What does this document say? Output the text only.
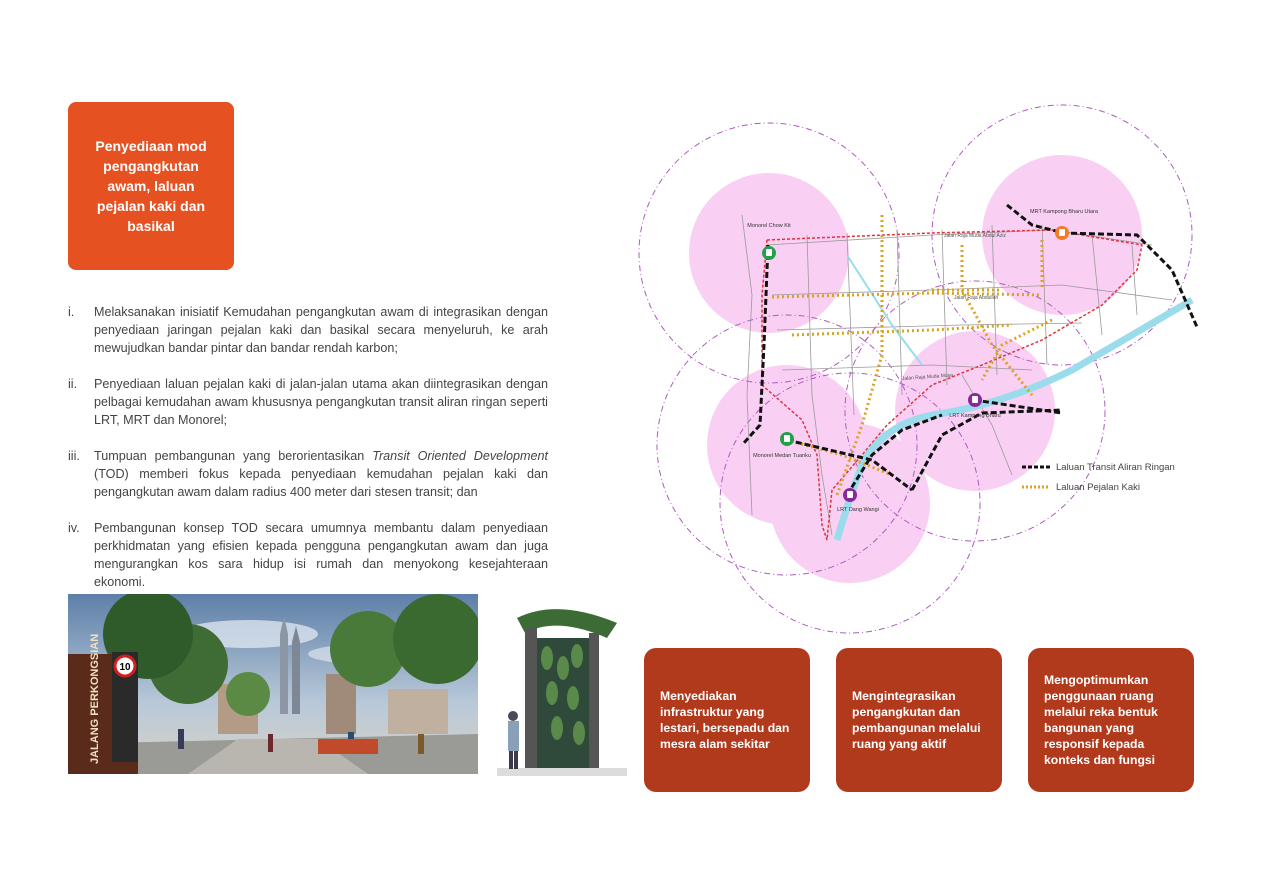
Penyediaan mod pengangkutan awam, laluan pejalan kaki dan basikal
i.	Melaksanakan inisiatif Kemudahan pengangkutan awam di integrasikan dengan penyediaan jaringan pejalan kaki dan basikal secara menyeluruh, ke arah mewujudkan bandar pintar dan bandar rendah karbon;
ii.	Penyediaan laluan pejalan kaki di jalan-jalan utama akan diintegrasikan dengan pelbagai kemudahan awam khususnya pengangkutan transit aliran ringan seperti LRT, MRT dan Monorel;
iii.	Tumpuan pembangunan yang berorientasikan Transit Oriented Development (TOD) memberi fokus kepada penyediaan kemudahan pejalan kaki dan pengangkutan awam dalam radius 400 meter dari stesen transit; dan
iv.	Pembangunan konsep TOD secara umumnya membantu dalam penyediaan perkhidmatan yang efisien kepada pengguna pengangkutan awam dan juga mengurangkan kos sara hidup isi rumah dan menyokong kesejahteraan ekonomi.
10
JALANG PERKONGSIAN
Monorel Chow Kit
MRT Kampong Bharu Utara
LRT Kampong Bharu
Monorel Medan Tuanku
LRT Dang Wangi
Jalan Raja Muda Abdul Aziz
Jalan Raja Abdullah
Jalan Raja Muda Musa
Laluan Transit Aliran Ringan
Laluan Pejalan Kaki
Menyediakan infrastruktur yang lestari, bersepadu dan mesra alam sekitar
Mengintegrasikan pengangkutan dan pembangunan melalui ruang yang aktif
Mengoptimumkan penggunaan ruang melalui reka bentuk bangunan yang responsif kepada konteks dan fungsi
